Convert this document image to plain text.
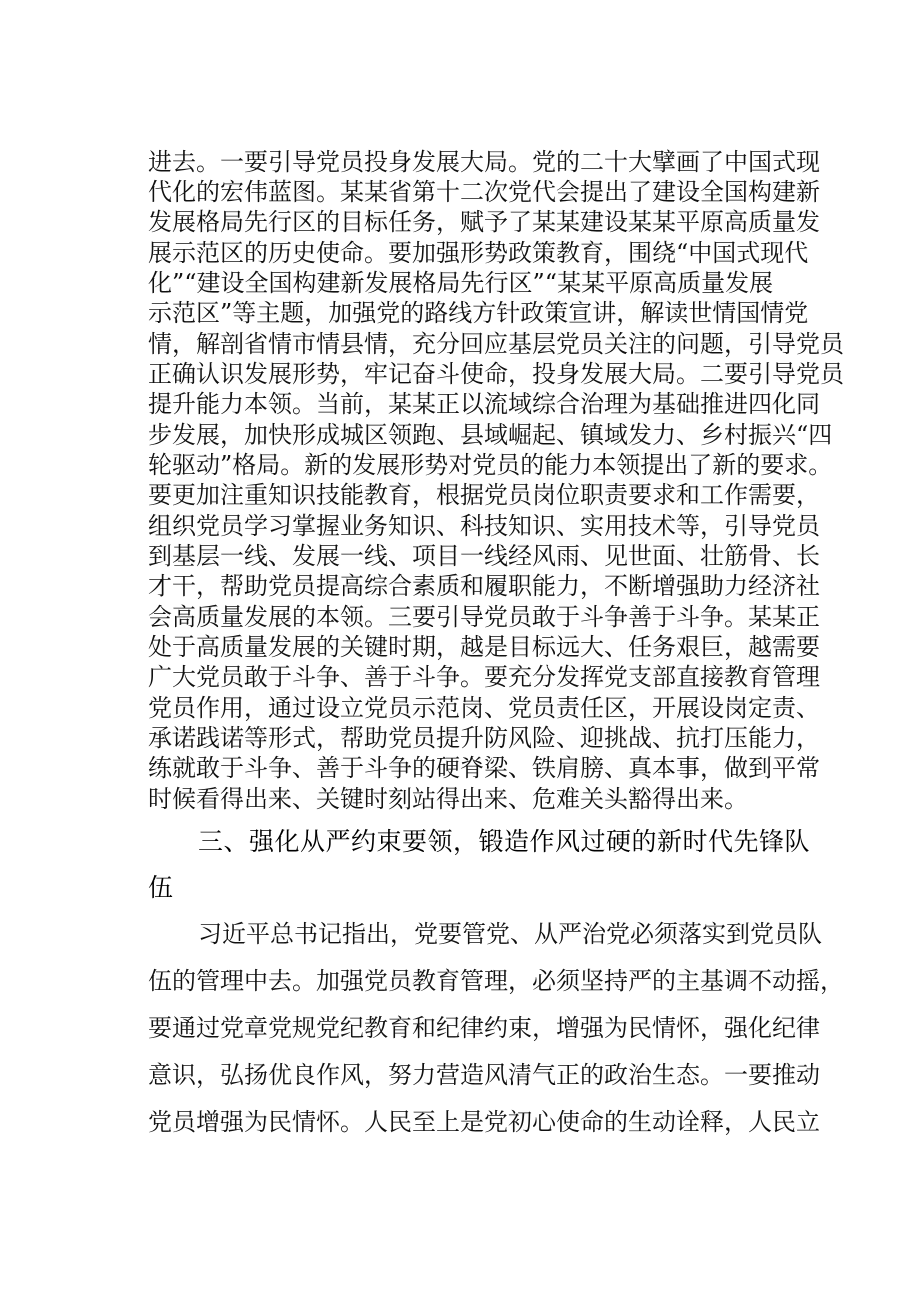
进去。一要引导党员投身发展大局。党的二十大擘画了中国式现
代化的宏伟蓝图。某某省第十二次党代会提出了建设全国构建新
发展格局先行区的目标任务，赋予了某某建设某某平原高质量发
展示范区的历史使命。要加强形势政策教育，围绕“中国式现代
化”“建设全国构建新发展格局先行区”“某某平原高质量发展
示范区”等主题，加强党的路线方针政策宣讲，解读世情国情党
情，解剖省情市情县情，充分回应基层党员关注的问题，引导党员
正确认识发展形势，牢记奋斗使命，投身发展大局。二要引导党员
提升能力本领。当前，某某正以流域综合治理为基础推进四化同
步发展，加快形成城区领跑、县域崛起、镇域发力、乡村振兴“四
轮驱动”格局。新的发展形势对党员的能力本领提出了新的要求。
要更加注重知识技能教育，根据党员岗位职责要求和工作需要，
组织党员学习掌握业务知识、科技知识、实用技术等，引导党员
到基层一线、发展一线、项目一线经风雨、见世面、壮筋骨、长
才干，帮助党员提高综合素质和履职能力，不断增强助力经济社
会高质量发展的本领。三要引导党员敢于斗争善于斗争。某某正
处于高质量发展的关键时期，越是目标远大、任务艰巨，越需要
广大党员敢于斗争、善于斗争。要充分发挥党支部直接教育管理
党员作用，通过设立党员示范岗、党员责任区，开展设岗定责、
承诺践诺等形式，帮助党员提升防风险、迎挑战、抗打压能力，
练就敢于斗争、善于斗争的硬脊梁、铁肩膀、真本事，做到平常
时候看得出来、关键时刻站得出来、危难关头豁得出来。
三、强化从严约束要领，锻造作风过硬的新时代先锋队
伍
习近平总书记指出，党要管党、从严治党必须落实到党员队
伍的管理中去。加强党员教育管理，必须坚持严的主基调不动摇，
要通过党章党规党纪教育和纪律约束，增强为民情怀，强化纪律
意识，弘扬优良作风，努力营造风清气正的政治生态。一要推动
党员增强为民情怀。人民至上是党初心使命的生动诠释，人民立
